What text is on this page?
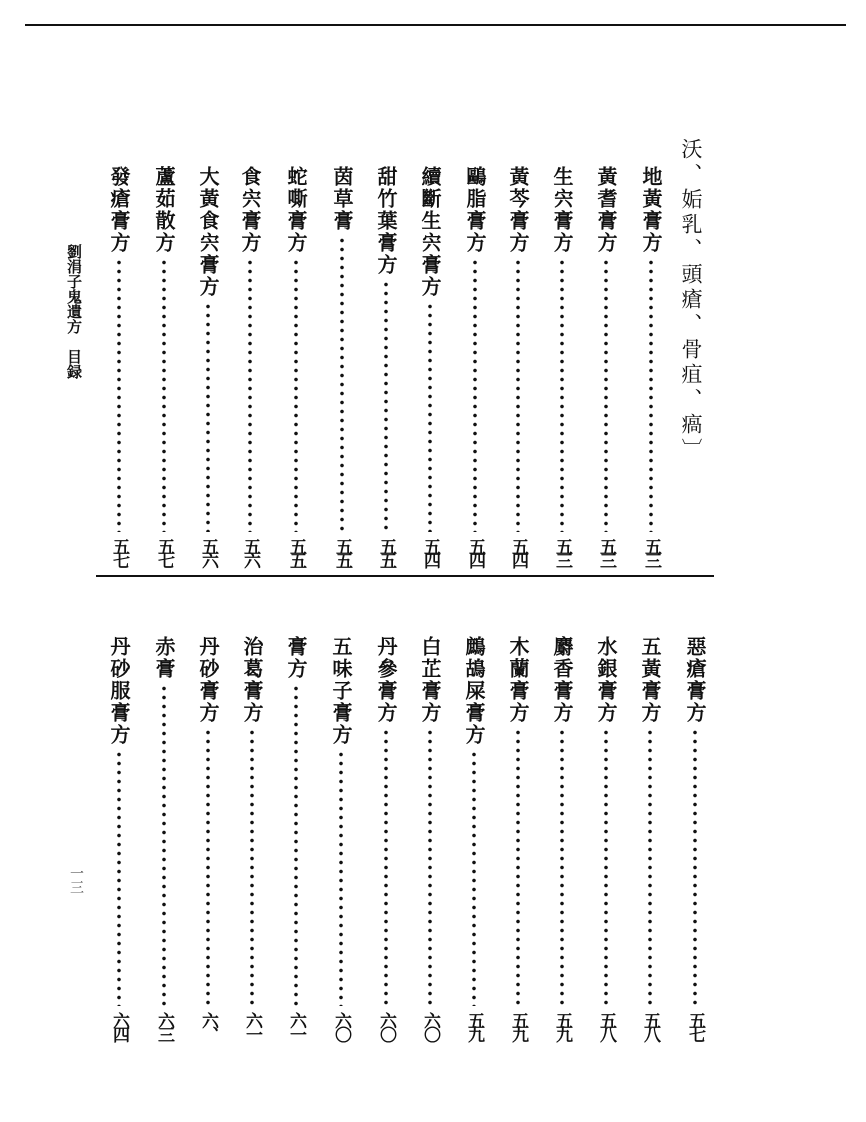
劉涓子鬼遺方　目録
一三
沃、姤乳、頭瘡、骨疽、瘑〕
地黃膏方
五三
黃耆膏方
五三
生宍膏方
五三
黃芩膏方
五四
鷗脂膏方
五四
續斷生宍膏方
五四
甜竹葉膏方
五五
茵草膏
五五
蛇嘶膏方
五五
食宍膏方
五六
大黃食宍膏方
五六
蘆茹散方
五七
發瘡膏方
五七
惡瘡膏方
五七
五黃膏方
五八
水銀膏方
五八
麝香膏方
五九
木蘭膏方
五九
鷓鴣屎膏方
五九
白芷膏方
六〇
丹參膏方
六〇
五味子膏方
六〇
膏方
六一
治葛膏方
六一
丹砂膏方
六、
赤膏
六三
丹砂服膏方
六四
